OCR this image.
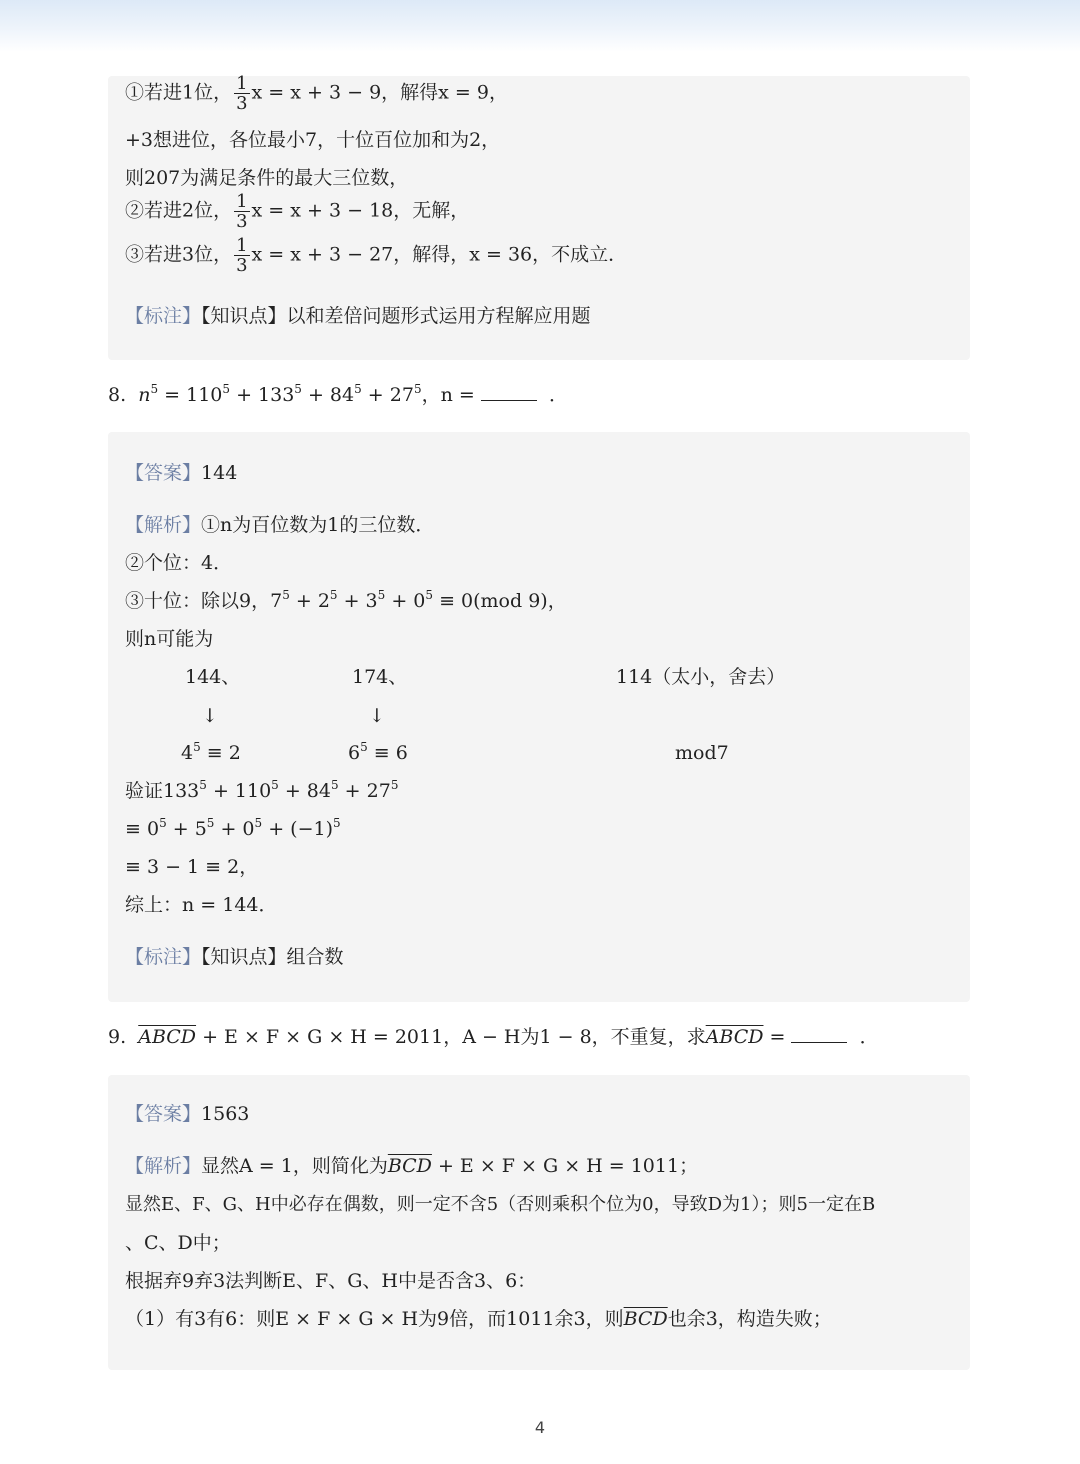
①若进1位， $\frac{1}{3}$ x = x + 3 − 9，解得x = 9，
+3想进位，各位最小7，十位百位加和为2，
则207为满足条件的最大三位数，
②若进2位， $\frac{1}{3}$ x = x + 3 − 18，无解，
③若进3位， $\frac{1}{3}$ x = x + 3 − 27，解得，x = 36，不成立．
【标注】【知识点】以和差倍问题形式运用方程解应用题
8. $n^5 = 110^5 + 133^5 + 84^5 + 27^5$，n =	．
【答案】144
【解析】①n为百位数为1的三位数．
②个位：4．
③十位：除以9，$7^5 + 2^5 + 3^5 + 0^5 \equiv 0(mod$ 9)，
则n可能为
144、	174、	114（太小，舍去）
↓	↓
$4^5 \equiv 2$	$6^5 \equiv 6$	mod7
验证$133^5 + 110^5 + 84^5 + 27^5$
≡ $0^5 + 5^5 + 0^5 + (-1)^5$
≡ 3 − 1 ≡ 2，
综上：n = 144．
【标注】【知识点】组合数
9. ABCD + E × F × G × H = 2011，A − H为1 − 8，不重复，求ABCD =	．
【答案】1563
【解析】显然A = 1，则简化为$\overline{BCD} + E \times F \times G \times H = 1011$；
显然E、F、G、H中必存在偶数，则一定不含5（否则乘积个位为0，导致D为1）；则5一定在B
、C、D中；
根据弃9弃3法判断E、F、G、H中是否含3、6：
（1）有3有6：则E × F × G × H为9倍，而1011余3，则$\overline{BCD}$也余3，构造失败；
4
